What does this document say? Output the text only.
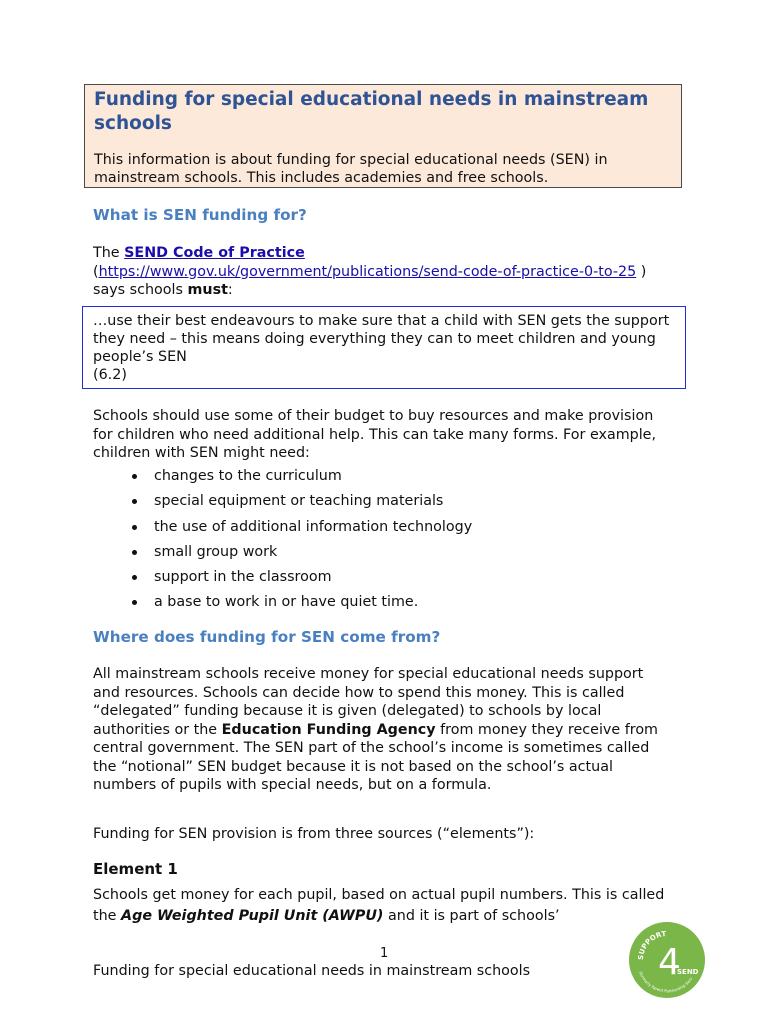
Funding for special educational needs in mainstream schools

This information is about funding for special educational needs (SEN) in mainstream schools. This includes academies and free schools.

What is SEN funding for?

The SEND Code of Practice
(https://www.gov.uk/government/publications/send-code-of-practice-0-to-25 ) says schools must:

…use their best endeavours to make sure that a child with SEN gets the support they need – this means doing everything they can to meet children and young people’s SEN
(6.2)

Schools should use some of their budget to buy resources and make provision for children who need additional help. This can take many forms. For example, children with SEN might need:

changes to the curriculum
special equipment or teaching materials
the use of additional information technology
small group work
support in the classroom
a base to work in or have quiet time.
Where does funding for SEN come from?

All mainstream schools receive money for special educational needs support and resources. Schools can decide how to spend this money. This is called “delegated” funding because it is given (delegated) to schools by local authorities or the Education Funding Agency from money they receive from central government. The SEN part of the school’s income is sometimes called the “notional” SEN budget because it is not based on the school’s actual numbers of pupils with special needs, but on a formula.

Funding for SEN provision is from three sources (“elements”):

Element 1

Schools get money for each pupil, based on actual pupil numbers. This is called the Age Weighted Pupil Unit (AWPU) and it is part of schools’

1
Funding for special educational needs in mainstream schools
SUPPORT
4
SEND
(formerly Parent Partnership Serv
